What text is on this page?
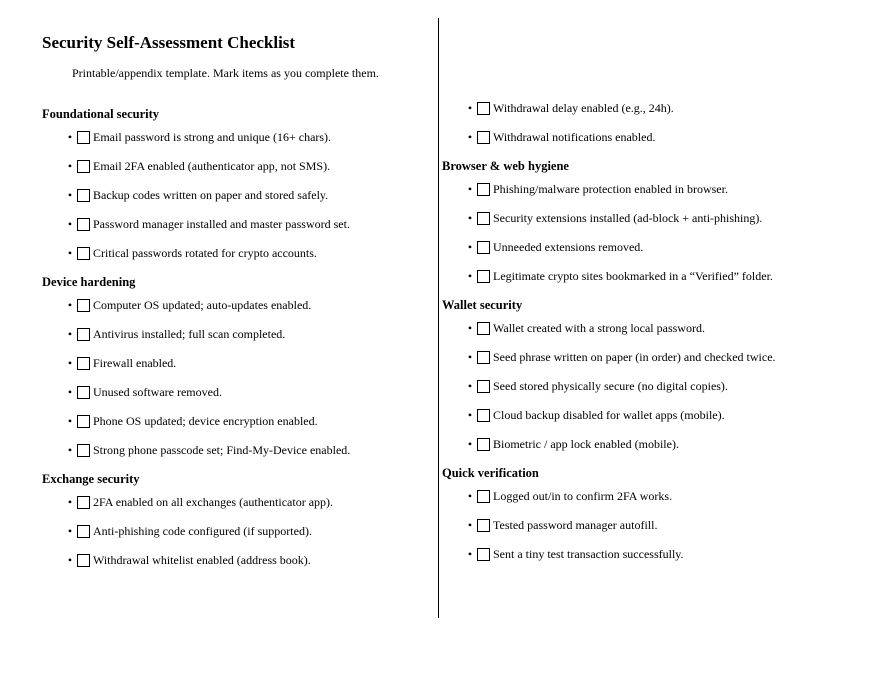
Security Self-Assessment Checklist

Printable/appendix template. Mark items as you complete them.

Foundational security
• Email password is strong and unique (16+ chars).
• Email 2FA enabled (authenticator app, not SMS).
• Backup codes written on paper and stored safely.
• Password manager installed and master password set.
• Critical passwords rotated for crypto accounts.
Device hardening
• Computer OS updated; auto-updates enabled.
• Antivirus installed; full scan completed.
• Firewall enabled.
• Unused software removed.
• Phone OS updated; device encryption enabled.
• Strong phone passcode set; Find-My-Device enabled.
Exchange security
• 2FA enabled on all exchanges (authenticator app).
• Anti-phishing code configured (if supported).
• Withdrawal whitelist enabled (address book).
• Withdrawal delay enabled (e.g., 24h).
• Withdrawal notifications enabled.
Browser & web hygiene
• Phishing/malware protection enabled in browser.
• Security extensions installed (ad-block + anti-phishing).
• Unneeded extensions removed.
• Legitimate crypto sites bookmarked in a “Verified” folder.
Wallet security
• Wallet created with a strong local password.
• Seed phrase written on paper (in order) and checked twice.
• Seed stored physically secure (no digital copies).
• Cloud backup disabled for wallet apps (mobile).
• Biometric / app lock enabled (mobile).
Quick verification
• Logged out/in to confirm 2FA works.
• Tested password manager autofill.
• Sent a tiny test transaction successfully.
